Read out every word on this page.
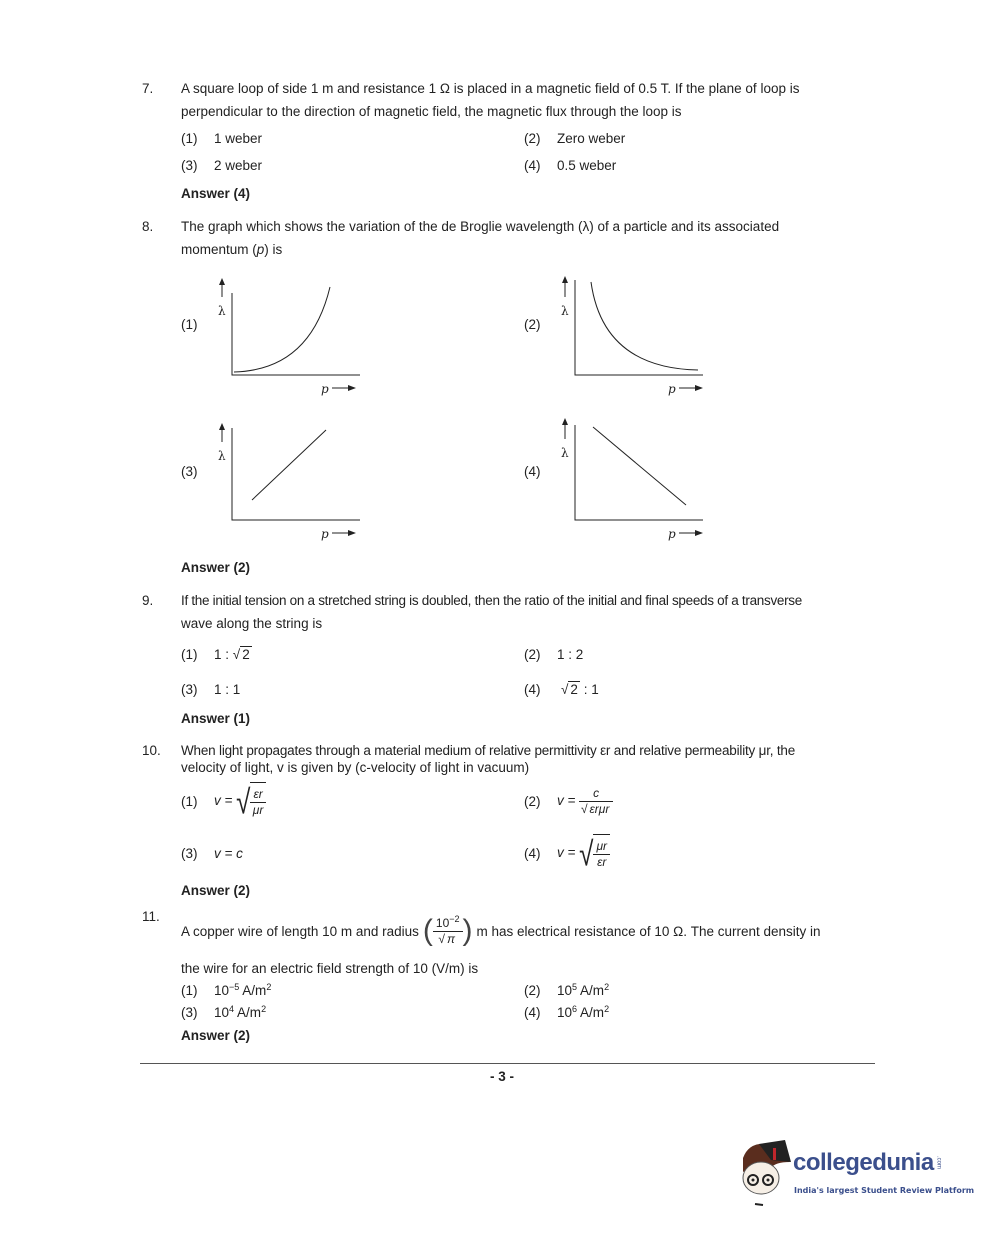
7. A square loop of side 1 m and resistance 1 Ω is placed in a magnetic field of 0.5 T. If the plane of loop is
perpendicular to the direction of magnetic field, the magnetic flux through the loop is
(1) 1 weber	(2) Zero weber
(3) 2 weber	(4) 0.5 weber
Answer (4)
8. The graph which shows the variation of the de Broglie wavelength (λ) of a particle and its associated
momentum (p) is
(1)	(2)
(3)	(4)
λ
p
λ
p
λ
p
λ
p
Answer (2)
9. If the initial tension on a stretched string is doubled, then the ratio of the initial and final speeds of a transverse
wave along the string is
(1) 1 : √ 2	(2) 1 : 2
(3) 1 : 1	(4) √ 2 : 1
Answer (1)
10. When light propagates through a material medium of relative permittivity εr and relative permeability μr, the
velocity of light, v is given by (c-velocity of light in vacuum)
(1) v = √ $\frac{\varepsilon r}{\mu r}$	(2) $v = \frac{c}{\text{√ εrμr}}$
(3) v = c	(4) v = √ $\frac{\mu r}{\varepsilon r}$
Answer (2)
11.
A copper wire of length 10 m and radius ( $\frac{10^{-2}}{√ \pi}$ ) m has electrical resistance of 10 Ω. The current density in
the wire for an electric field strength of 10 (V/m) is
(1) $10^{-5}$ $A/m^2$	(2) $10^5$ $A/m^2$
(3) $10^4$ $A/m^2$	(4) $10^6$ $A/m^2$
Answer (2)
- 3 -
collegedunia .com
India's largest Student Review Platform
